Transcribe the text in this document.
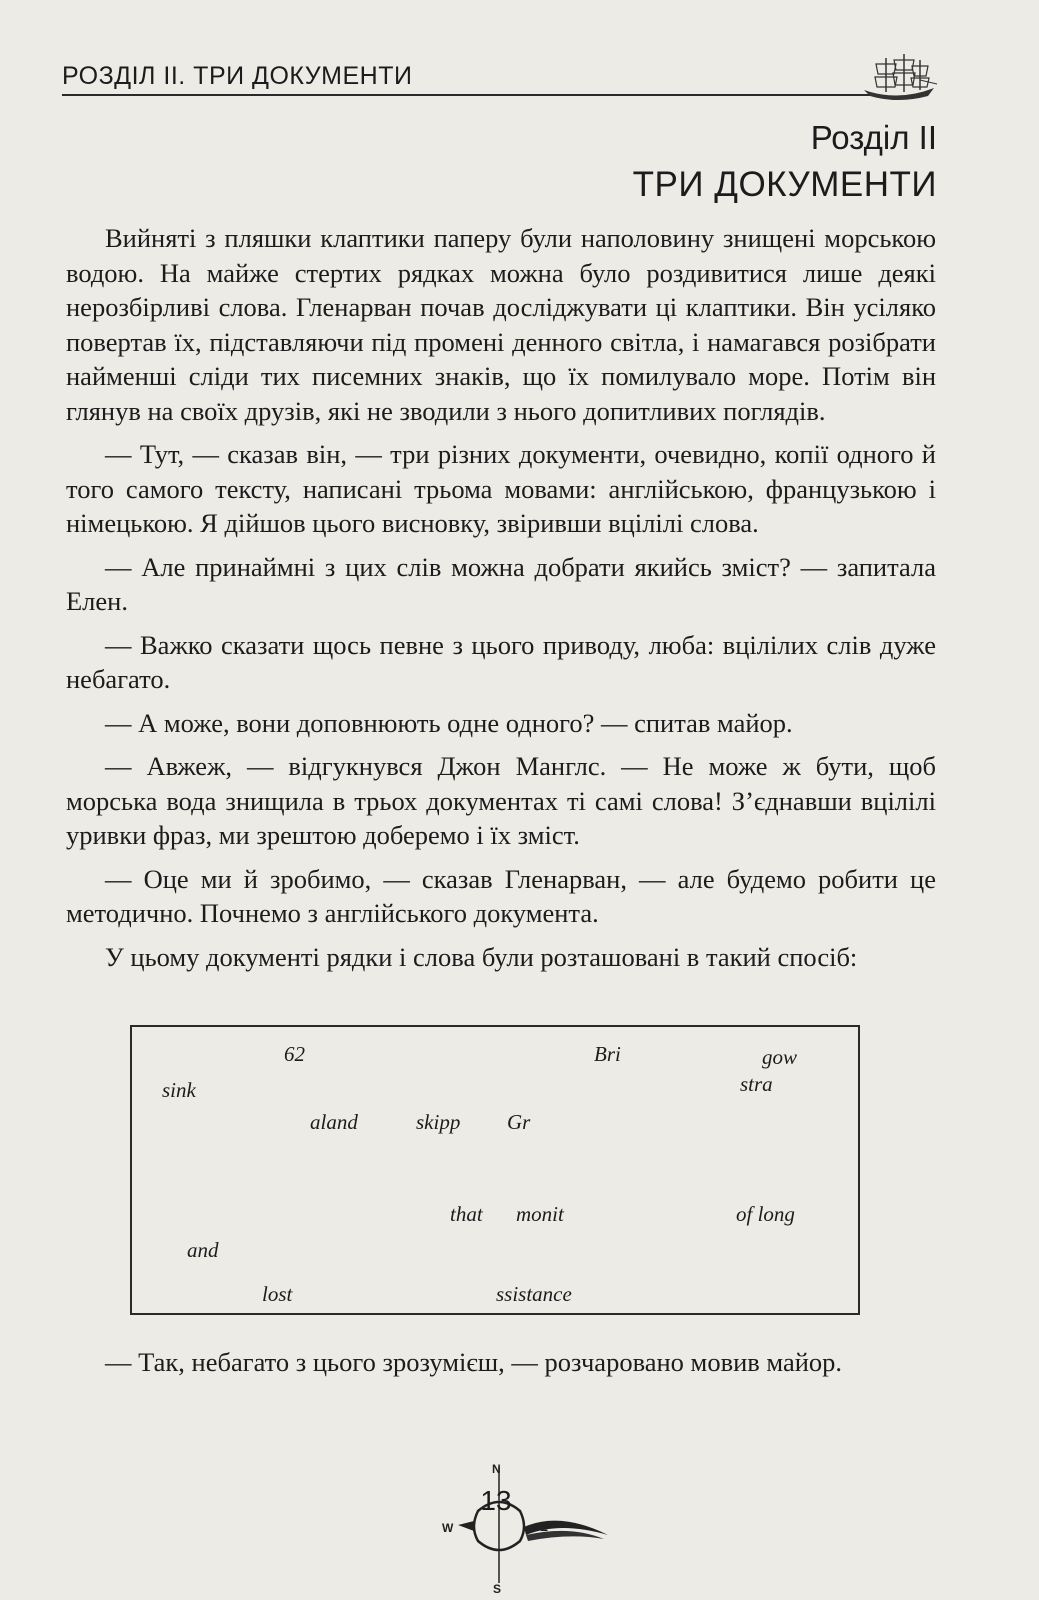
РОЗДІЛ ІІ. ТРИ ДОКУМЕНТИ
Розділ II
ТРИ ДОКУМЕНТИ

Вийняті з пляшки клаптики паперу були наполовину знищені морською водою. На майже стертих рядках можна було роздивитися лише деякі нерозбірливі слова. Гленарван почав досліджувати ці клаптики. Він усіляко повертав їх, підставляючи під промені денного світла, і намагався розібрати найменші сліди тих писемних знаків, що їх помилувало море. Потім він глянув на своїх друзів, які не зводили з нього допитливих поглядів.

— Тут, — сказав він, — три різних документи, очевидно, копії одного й того самого тексту, написані трьома мовами: англійською, французькою і німецькою. Я дійшов цього висновку, звіривши вцілілі слова.

— Але принаймні з цих слів можна добрати якийсь зміст? — запитала Елен.

— Важко сказати щось певне з цього приводу, люба: вцілілих слів дуже небагато.

— А може, вони доповнюють одне одного? — спитав майор.

— Авжеж, — відгукнувся Джон Манглс. — Не може ж бути, щоб морська вода знищила в трьох документах ті самі слова! З’єднавши вцілілі уривки фраз, ми зрештою доберемо і їх зміст.

— Оце ми й зробимо, — сказав Гленарван, — але будемо робити це методично. Почнемо з англійського документа.

У цьому документі рядки і слова були розташовані в такий спосіб:

62	Bri	gow
sink	stra
aland	skipp Gr
that monit	of long
and
lost	ssistance

— Так, небагато з цього зрозумієш, — розчаровано мовив майор.

N
S
W	E
13
